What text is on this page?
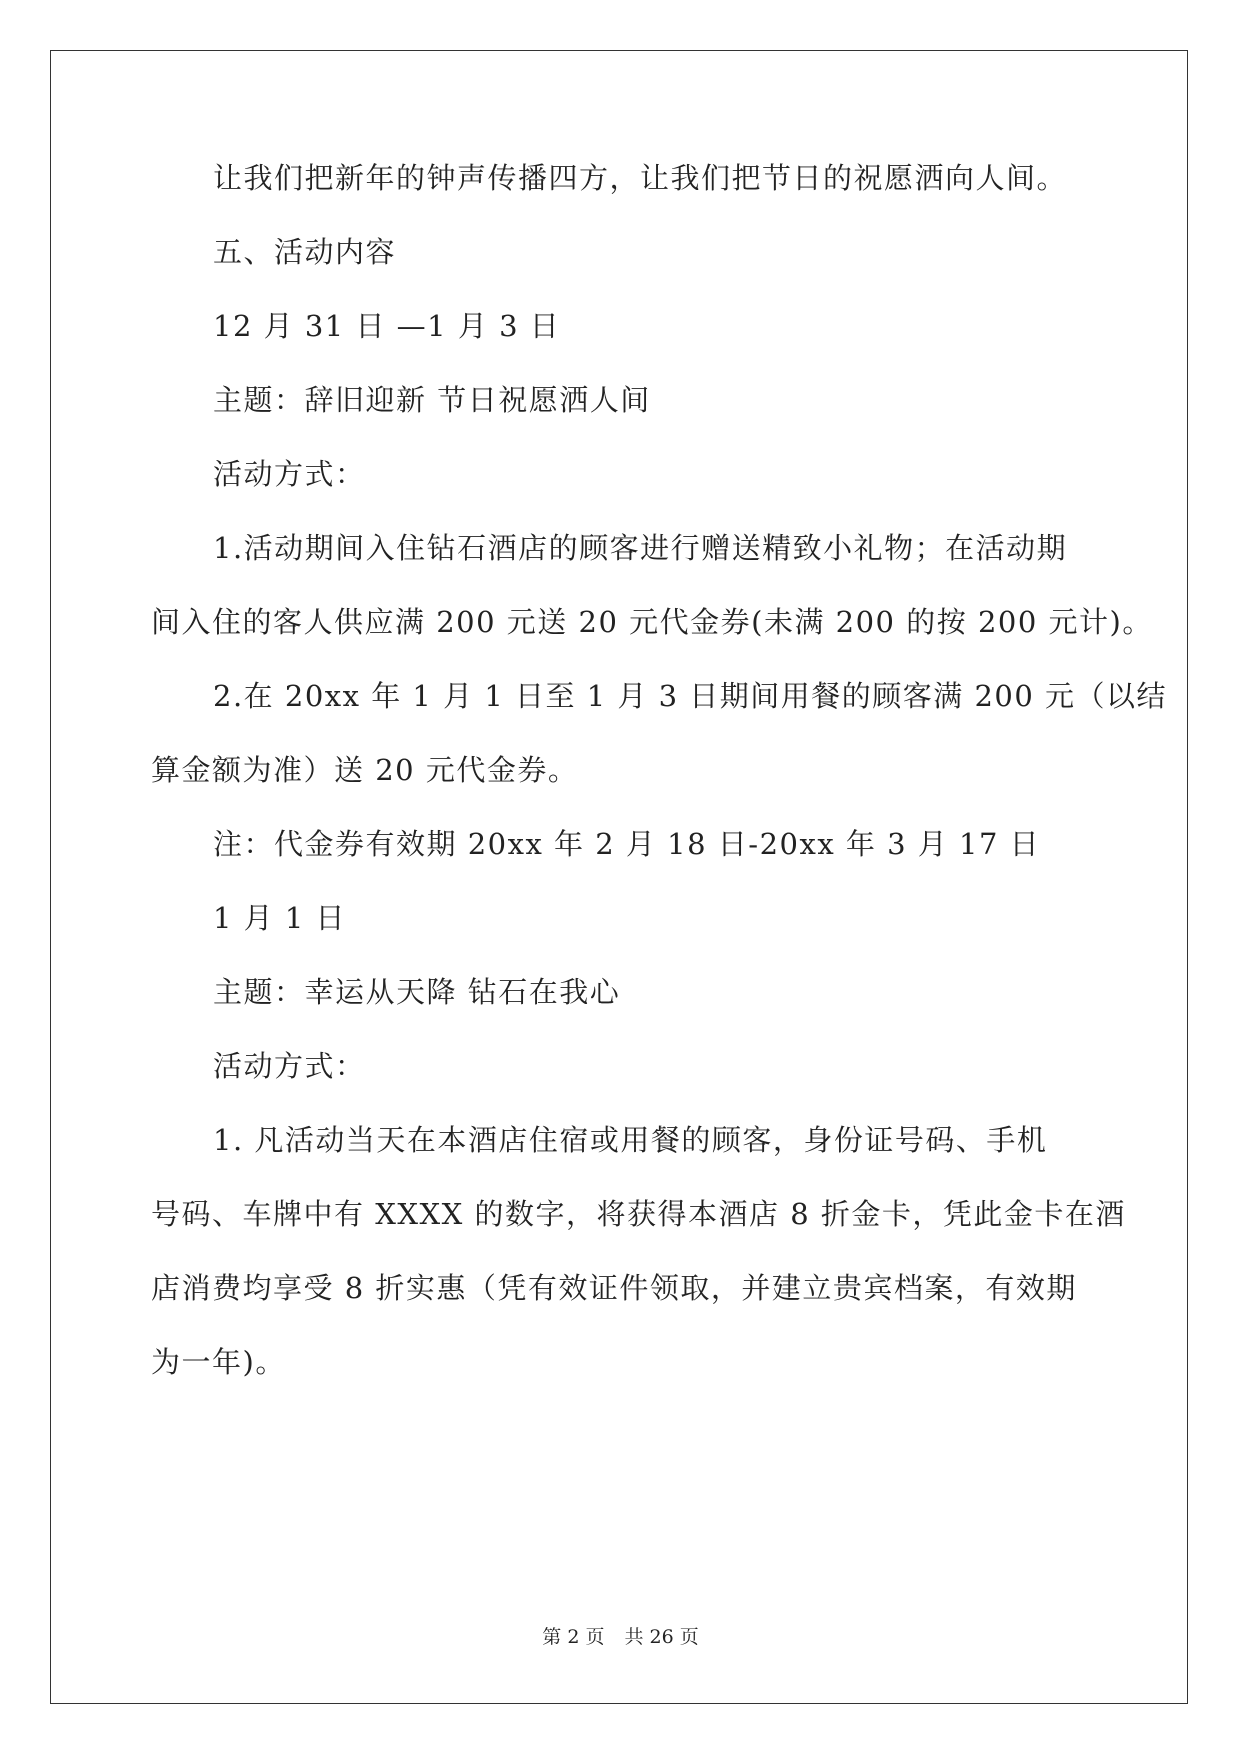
让我们把新年的钟声传播四方，让我们把节日的祝愿洒向人间。
五、活动内容
12 月 31 日 —1 月 3 日
主题：辞旧迎新 节日祝愿洒人间
活动方式：
1.活动期间入住钻石酒店的顾客进行赠送精致小礼物；在活动期
间入住的客人供应满 200 元送 20 元代金券(未满 200 的按 200 元计)。
2.在 20xx 年 1 月 1 日至 1 月 3 日期间用餐的顾客满 200 元（以结
算金额为准）送 20 元代金券。
注：代金券有效期 20xx 年 2 月 18 日-20xx 年 3 月 17 日
1 月 1 日
主题：幸运从天降 钻石在我心
活动方式：
1. 凡活动当天在本酒店住宿或用餐的顾客，身份证号码、手机
号码、车牌中有 XXXX 的数字，将获得本酒店 8 折金卡，凭此金卡在酒
店消费均享受 8 折实惠（凭有效证件领取，并建立贵宾档案，有效期
为一年)。
第 2 页 共 26 页
